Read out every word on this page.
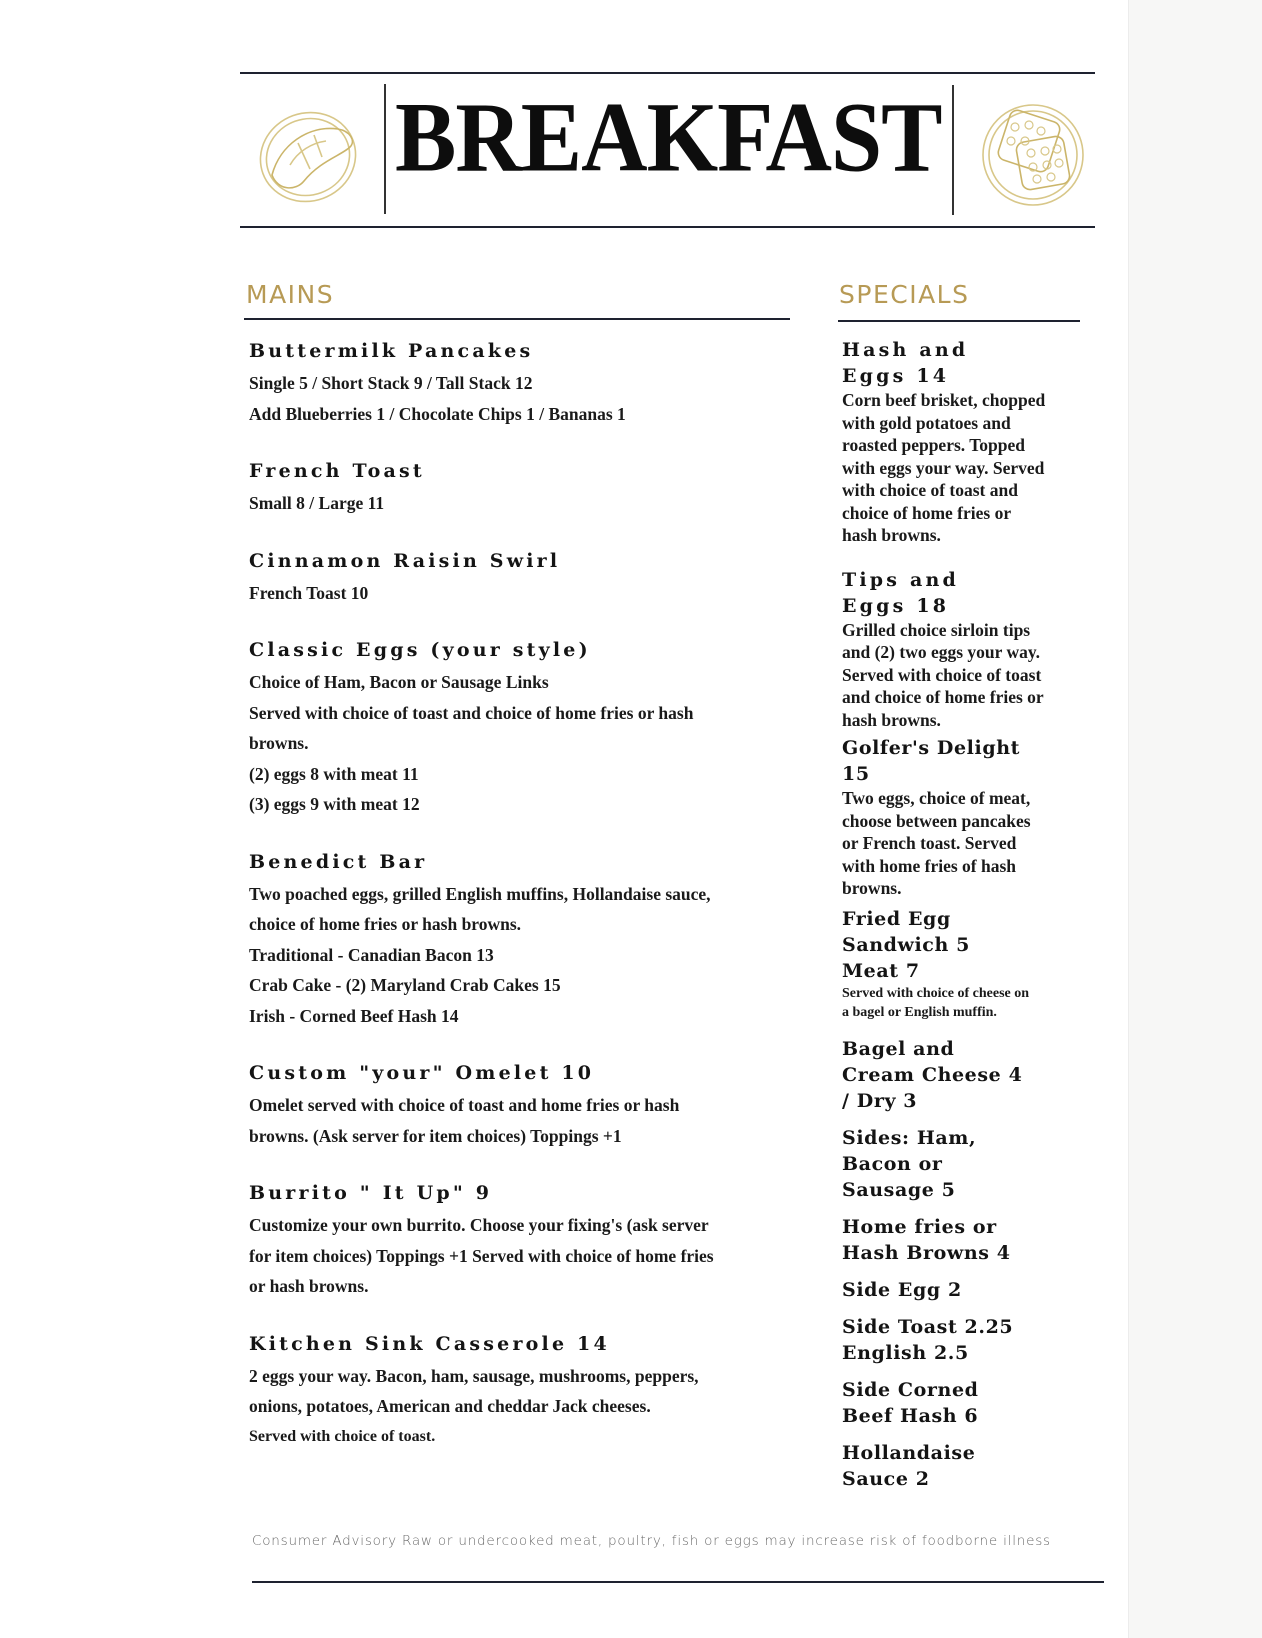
BREAKFAST
MAINS
Buttermilk Pancakes
Single 5 / Short Stack 9 / Tall Stack 12
Add Blueberries 1 / Chocolate Chips 1 / Bananas 1
French Toast
Small 8 / Large 11
Cinnamon Raisin Swirl
French Toast 10
Classic Eggs (your style)
Choice of Ham, Bacon or Sausage Links
Served with choice of toast and choice of home fries or hash
browns.
(2) eggs 8 with meat 11
(3) eggs 9 with meat 12
Benedict Bar
Two poached eggs, grilled English muffins, Hollandaise sauce,
choice of home fries or hash browns.
Traditional - Canadian Bacon 13
Crab Cake - (2) Maryland Crab Cakes 15
Irish - Corned Beef Hash 14
Custom "your" Omelet 10
Omelet served with choice of toast and home fries or hash
browns. (Ask server for item choices) Toppings +1
Burrito " It Up" 9
Customize your own burrito. Choose your fixing's (ask server
for item choices) Toppings +1 Served with choice of home fries
or hash browns.
Kitchen Sink Casserole 14
2 eggs your way. Bacon, ham, sausage, mushrooms, peppers,
onions, potatoes, American and cheddar Jack cheeses.
Served with choice of toast.
SPECIALS
Hash and
Eggs 14
Corn beef brisket, chopped
with gold potatoes and
roasted peppers. Topped
with eggs your way. Served
with choice of toast and
choice of home fries or
hash browns.
Tips and
Eggs 18
Grilled choice sirloin tips
and (2) two eggs your way.
Served with choice of toast
and choice of home fries or
hash browns.
Golfer's Delight
15
Two eggs, choice of meat,
choose between pancakes
or French toast. Served
with home fries of hash
browns.
Fried Egg
Sandwich 5
Meat 7
Served with choice of cheese on
a bagel or English muffin.
Bagel and
Cream Cheese 4
/ Dry 3
Sides: Ham,
Bacon or
Sausage 5
Home fries or
Hash Browns 4
Side Egg 2
Side Toast 2.25
English 2.5
Side Corned
Beef Hash 6
Hollandaise
Sauce 2
Consumer Advisory Raw or undercooked meat, poultry, fish or eggs may increase risk of foodborne illness
